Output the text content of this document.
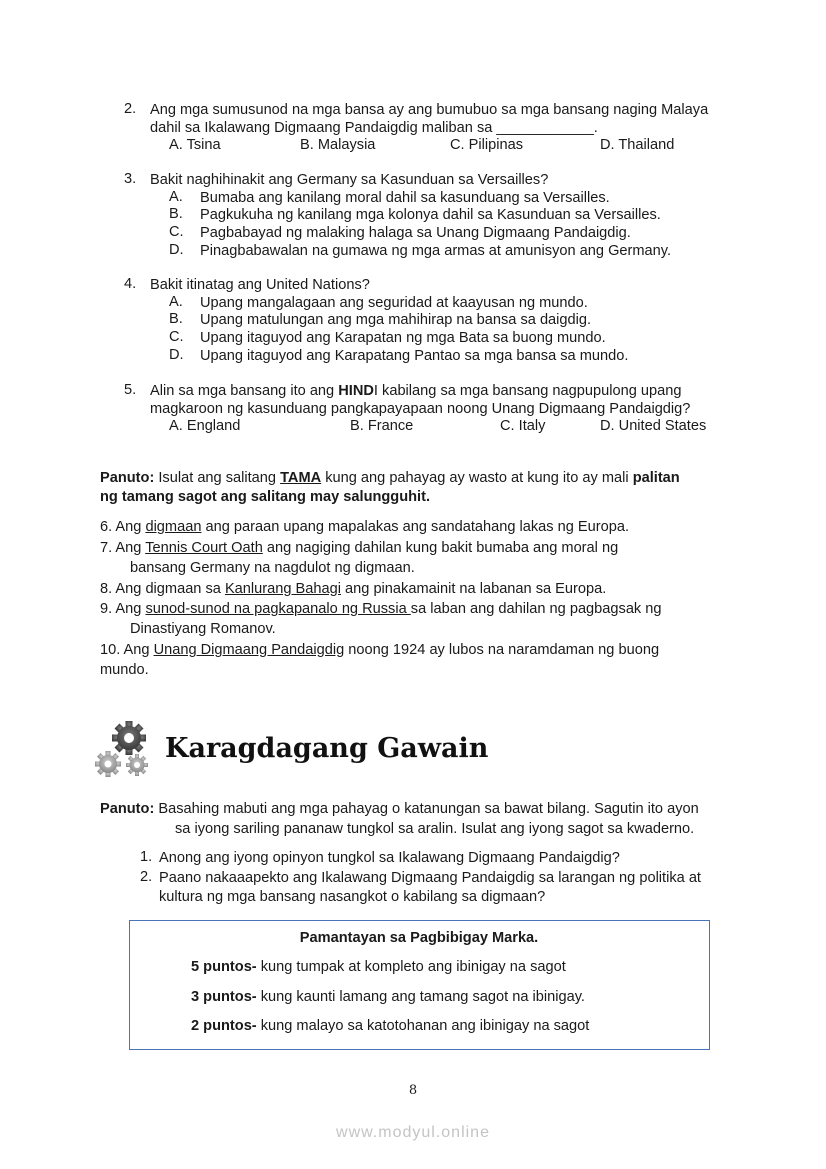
2. Ang mga sumusunod na mga bansa ay ang bumubuo sa mga bansang naging Malaya
dahil sa Ikalawang Digmaang Pandaigdig maliban sa ____________.
A. Tsina	B. Malaysia	C. Pilipinas	D. Thailand
3. Bakit naghihinakit ang Germany sa Kasunduan sa Versailles?
A. Bumaba ang kanilang moral dahil sa kasunduang sa Versailles.
B. Pagkukuha ng kanilang mga kolonya dahil sa Kasunduan sa Versailles.
C. Pagbabayad ng malaking halaga sa Unang Digmaang Pandaigdig.
D. Pinagbabawalan na gumawa ng mga armas at amunisyon ang Germany.
4. Bakit itinatag ang United Nations?
A. Upang mangalagaan ang seguridad at kaayusan ng mundo.
B. Upang matulungan ang mga mahihirap na bansa sa daigdig.
C. Upang itaguyod ang Karapatan ng mga Bata sa buong mundo.
D. Upang itaguyod ang Karapatang Pantao sa mga bansa sa mundo.
5. Alin sa mga bansang ito ang HINDI kabilang sa mga bansang nagpupulong upang
magkaroon ng kasunduang pangkapayapaan noong Unang Digmaang Pandaigdig?
A. England	B. France	C. Italy	D. United States
Panuto: Isulat ang salitang TAMA kung ang pahayag ay wasto at kung ito ay mali palitan
ng tamang sagot ang salitang may salungguhit.
6. Ang digmaan ang paraan upang mapalakas ang sandatahang lakas ng Europa.
7. Ang Tennis Court Oath ang nagiging dahilan kung bakit bumaba ang moral ng
bansang Germany na nagdulot ng digmaan.
8. Ang digmaan sa Kanlurang Bahagi ang pinakamainit na labanan sa Europa.
9. Ang sunod-sunod na pagkapanalo ng Russia sa laban ang dahilan ng pagbagsak ng
Dinastiyang Romanov.
10. Ang Unang Digmaang Pandaigdig noong 1924 ay lubos na naramdaman ng buong
mundo.
Karagdagang Gawain
Panuto: Basahing mabuti ang mga pahayag o katanungan sa bawat bilang. Sagutin ito ayon
sa iyong sariling pananaw tungkol sa aralin. Isulat ang iyong sagot sa kwaderno.
1. Anong ang iyong opinyon tungkol sa Ikalawang Digmaang Pandaigdig?
2. Paano nakaaapekto ang Ikalawang Digmaang Pandaigdig sa larangan ng politika at
kultura ng mga bansang nasangkot o kabilang sa digmaan?
Pamantayan sa Pagbibigay Marka.
5 puntos- kung tumpak at kompleto ang ibinigay na sagot
3 puntos- kung kaunti lamang ang tamang sagot na ibinigay.
2 puntos- kung malayo sa katotohanan ang ibinigay na sagot
8
www.modyul.online
